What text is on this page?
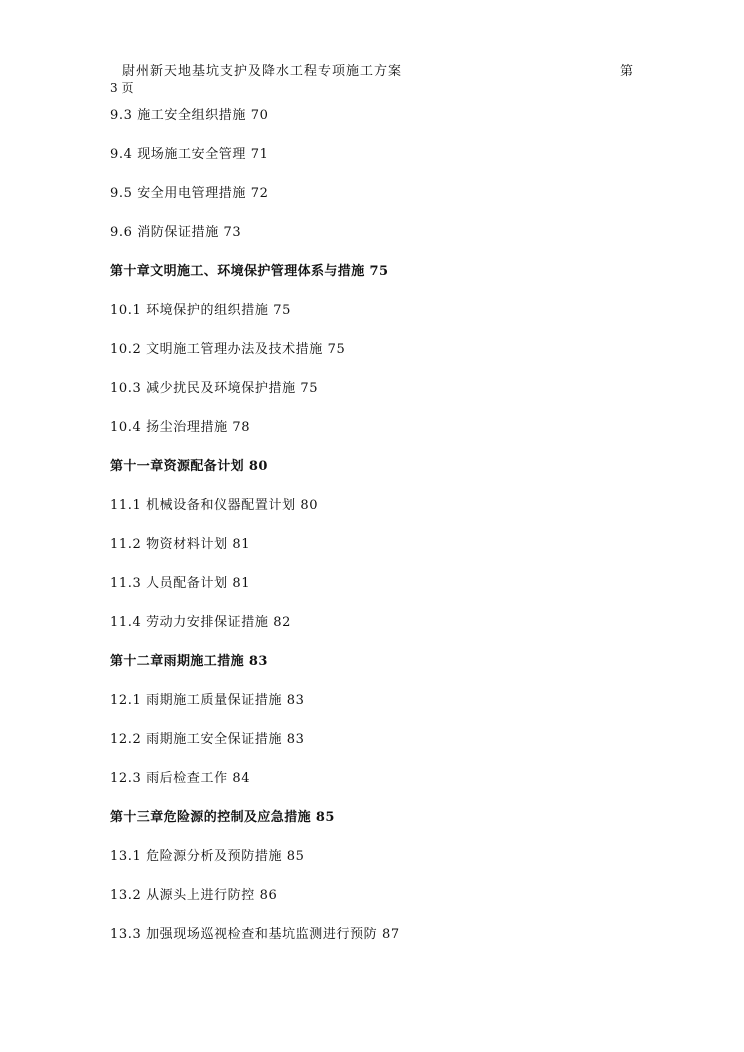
尉州新天地基坑支护及降水工程专项施工方案	第
3 页
9.3 施工安全组织措施 70
9.4 现场施工安全管理 71
9.5 安全用电管理措施 72
9.6 消防保证措施 73
第十章文明施工、环境保护管理体系与措施 75
10.1 环境保护的组织措施 75
10.2 文明施工管理办法及技术措施 75
10.3 减少扰民及环境保护措施 75
10.4 扬尘治理措施 78
第十一章资源配备计划 80
11.1 机械设备和仪器配置计划 80
11.2 物资材料计划 81
11.3 人员配备计划 81
11.4 劳动力安排保证措施 82
第十二章雨期施工措施 83
12.1 雨期施工质量保证措施 83
12.2 雨期施工安全保证措施 83
12.3 雨后检查工作 84
第十三章危险源的控制及应急措施 85
13.1 危险源分析及预防措施 85
13.2 从源头上进行防控 86
13.3 加强现场巡视检查和基坑监测进行预防 87
